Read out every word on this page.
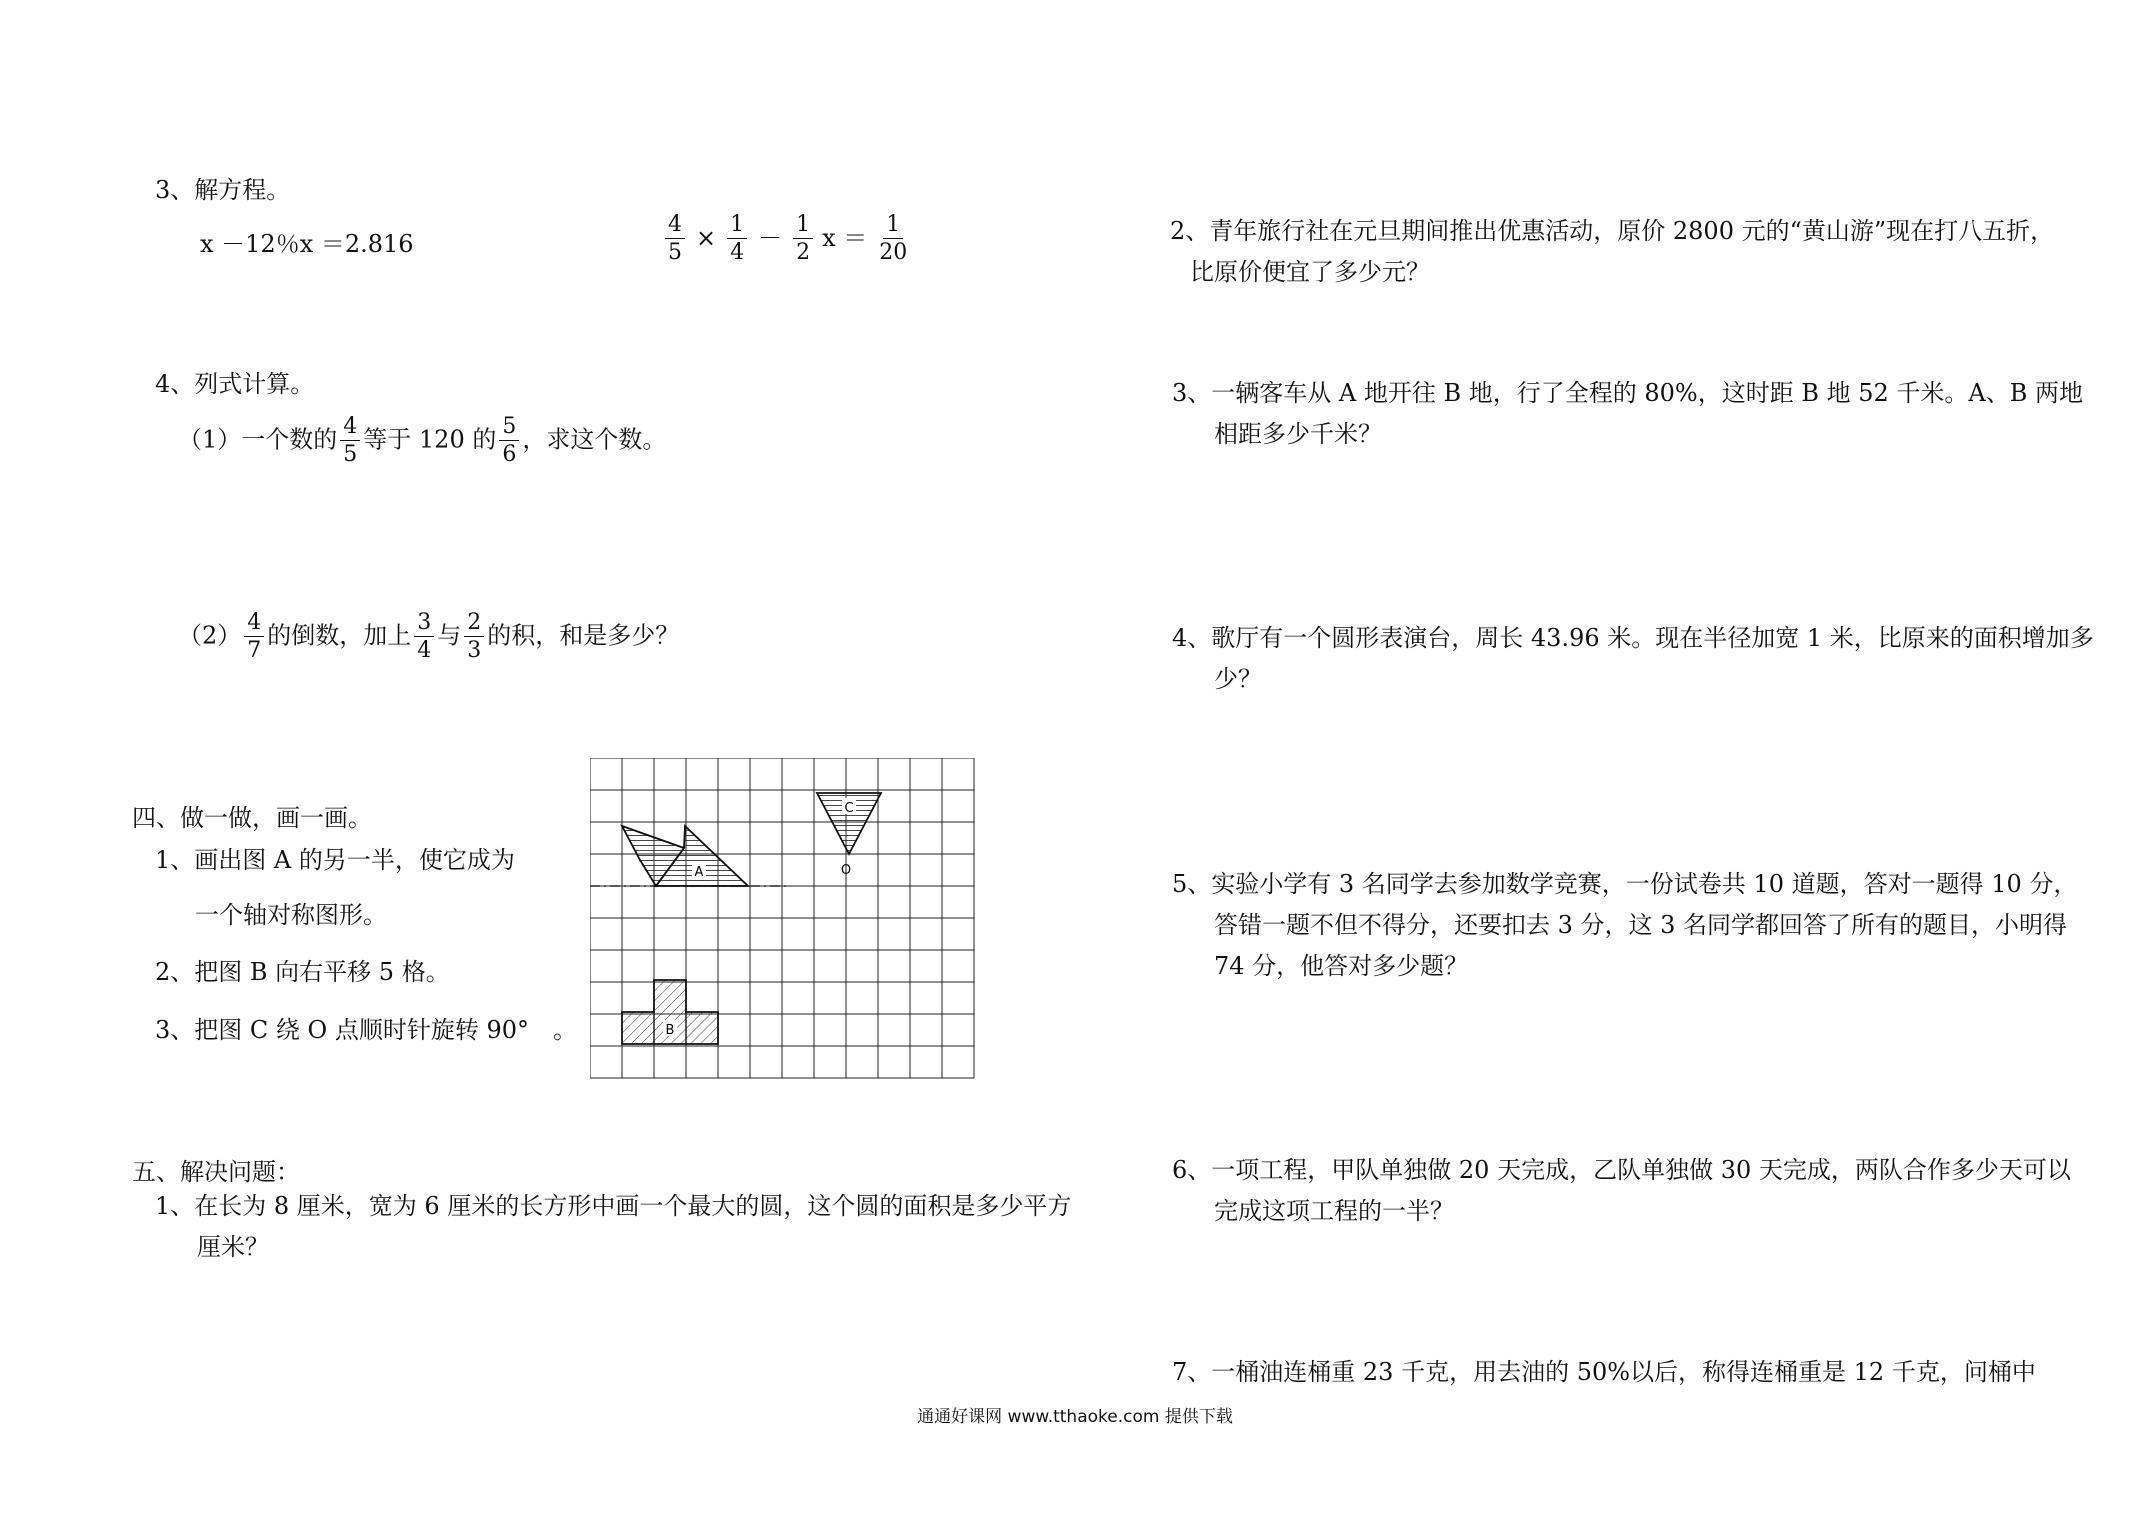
3、解方程。
x －12％x ＝2.816	$\frac{4}{5} \times \frac{1}{4} - \frac{1}{2}$ $x = \frac{1}{20}$
4、列式计算。
（1）一个数的 $\frac{4}{5}$ 等于 120 的 $\frac{5}{6}$ ，求这个数。
$(2) \frac{4}{7}$ 的倒数，加上 $\frac{3}{4}$ 与 $\frac{2}{3}$ 的积，和是多少？
四、做一做，画一画。
1、画出图 A 的另一半，使它成为
一个轴对称图形。
2、把图 B 向右平移 5 格。
3、把图 C 绕 O 点顺时针旋转 90°　。
A
B
C
O
五、解决问题：
1、在长为 8 厘米，宽为 6 厘米的长方形中画一个最大的圆，这个圆的面积是多少平方厘米？
2、青年旅行社在元旦期间推出优惠活动，原价 2800 元的“黄山游”现在打八五折，比原价便宜了多少元？
3、一辆客车从 A 地开往 B 地，行了全程的 80%，这时距 B 地 52 千米。A、B 两地相距多少千米？
4、歌厅有一个圆形表演台，周长 43.96 米。现在半径加宽 1 米，比原来的面积增加多少？
5、实验小学有 3 名同学去参加数学竞赛，一份试卷共 10 道题，答对一题得 10 分，答错一题不但不得分，还要扣去 3 分，这 3 名同学都回答了所有的题目，小明得 74 分，他答对多少题？
6、一项工程，甲队单独做 20 天完成，乙队单独做 30 天完成，两队合作多少天可以完成这项工程的一半？
7、一桶油连桶重 23 千克，用去油的 50%以后，称得连桶重是 12 千克，问桶中
通通好课网 www.tthaoke.com 提供下载
